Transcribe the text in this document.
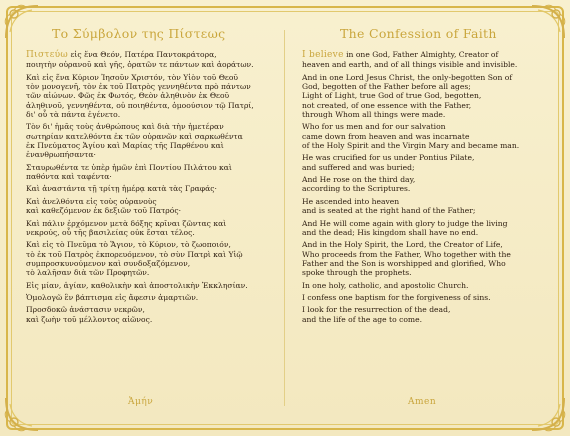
Το Σύμβολον της Πίστεως	The Confession of Faith
Πιστεύω εἰς ἕνα Θεόν, Πατέρα Παντοκράτορα,
ποιητὴν οὐρανοῦ καὶ γῆς, ὁρατῶν τε πάντων καὶ ἀοράτων.
Καὶ εἰς ἕνα Κύριον Ἰησοῦν Χριστόν, τὸν Υἱὸν τοῦ Θεοῦ
τὸν μονογενῆ, τὸν ἐκ τοῦ Πατρὸς γεννηθέντα πρὸ πάντων
τῶν αἰώνων. Φῶς ἐκ Φωτός, Θεὸν ἀληθινὸν ἐκ Θεοῦ
ἀληθινοῦ, γεννηθέντα, οὐ ποιηθέντα, ὁμοούσιον τῷ Πατρί,
δι' οὗ τὰ πάντα ἐγένετο.
Τὸν δι' ἡμᾶς τοὺς ἀνθρώπους καὶ διὰ τὴν ἡμετέραν
σωτηρίαν κατελθόντα ἐκ τῶν οὐρανῶν καὶ σαρκωθέντα
ἐκ Πνεύματος Ἁγίου καὶ Μαρίας τῆς Παρθένου καὶ
ἐνανθρωπήσαντα·
Σταυρωθέντα τε ὑπὲρ ἡμῶν ἐπὶ Ποντίου Πιλάτου καὶ
παθόντα καὶ ταφέντα·
Καὶ ἀναστάντα τῇ τρίτῃ ἡμέρᾳ κατὰ τὰς Γραφάς·
Καὶ ἀνελθόντα εἰς τοὺς οὐρανοὺς
καὶ καθεζόμενον ἐκ δεξιῶν τοῦ Πατρός·
Καὶ πάλιν ἐρχόμενον μετὰ δόξης κρῖναι ζῶντας καὶ
νεκρούς, οὗ τῆς βασιλείας οὐκ ἔσται τέλος.
Καὶ εἰς τὸ Πνεῦμα τὸ Ἅγιον, τὸ Κύριον, τὸ ζωοποιόν,
τὸ ἐκ τοῦ Πατρὸς ἐκπορευόμενον, τὸ σὺν Πατρὶ καὶ Υἱῷ
συμπροσκυνούμενον καὶ συνδοξαζόμενον,
τὸ λαλῆσαν διὰ τῶν Προφητῶν.
Εἰς μίαν, ἁγίαν, καθολικὴν καὶ ἀποστολικὴν Ἐκκλησίαν.
Ὁμολογῶ ἓν βάπτισμα εἰς ἄφεσιν ἁμαρτιῶν.
Προσδοκῶ ἀνάστασιν νεκρῶν,
καὶ ζωὴν τοῦ μέλλοντος αἰῶνος.
I believe in one God, Father Almighty, Creator of
heaven and earth, and of all things visible and invisible.
And in one Lord Jesus Christ, the only-begotten Son of
God, begotten of the Father before all ages;
Light of Light, true God of true God, begotten,
not created, of one essence with the Father,
through Whom all things were made.
Who for us men and for our salvation
came down from heaven and was incarnate
of the Holy Spirit and the Virgin Mary and became man.
He was crucified for us under Pontius Pilate,
and suffered and was buried;
And He rose on the third day,
according to the Scriptures.
He ascended into heaven
and is seated at the right hand of the Father;
And He will come again with glory to judge the living
and the dead; His kingdom shall have no end.
And in the Holy Spirit, the Lord, the Creator of Life,
Who proceeds from the Father, Who together with the
Father and the Son is worshipped and glorified, Who
spoke through the prophets.
In one holy, catholic, and apostolic Church.
I confess one baptism for the forgiveness of sins.
I look for the resurrection of the dead,
and the life of the age to come.
Ἀμήν	Amen
